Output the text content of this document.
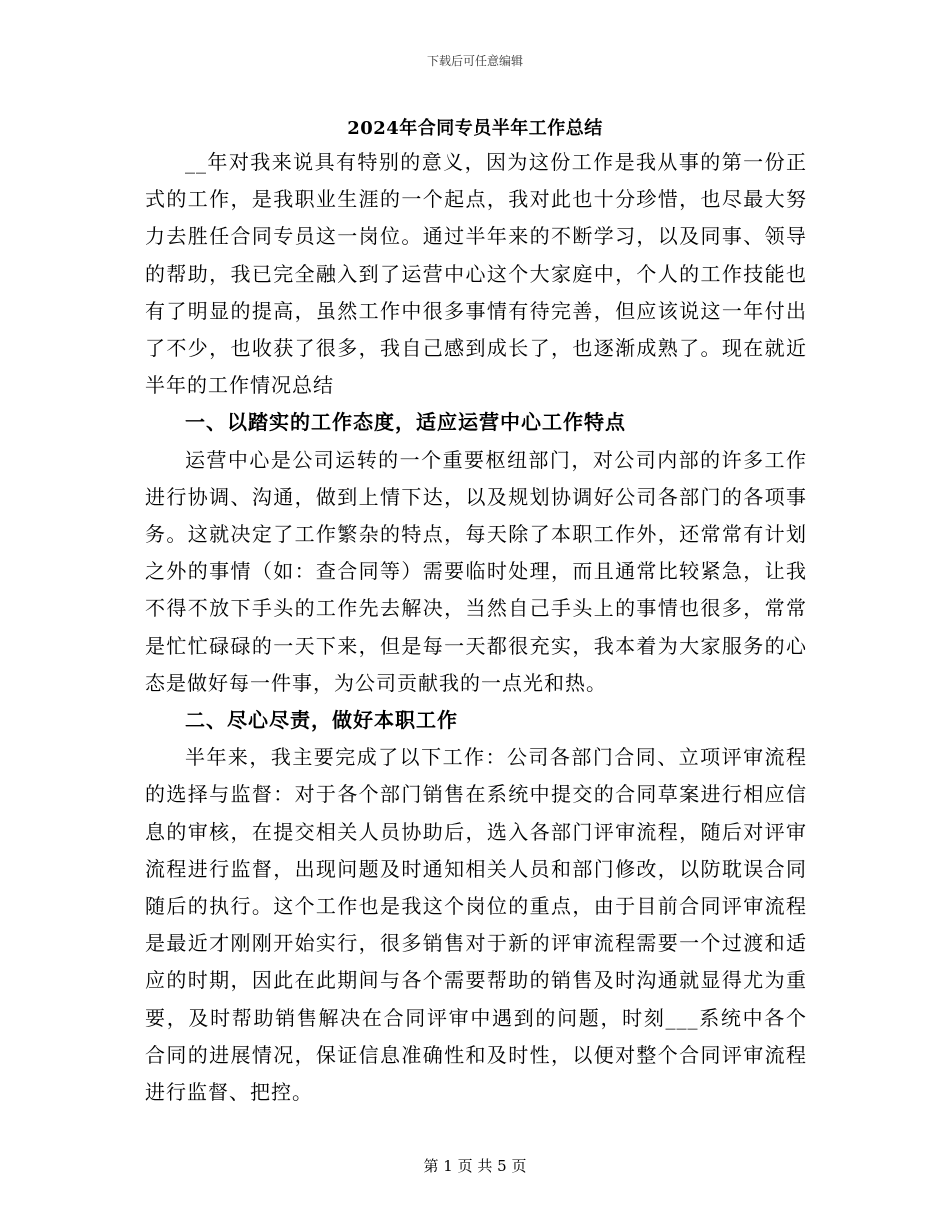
下载后可任意编辑
2024年合同专员半年工作总结

__年对我来说具有特别的意义，因为这份工作是我从事的第一份正式的工作，是我职业生涯的一个起点，我对此也十分珍惜，也尽最大努力去胜任合同专员这一岗位。通过半年来的不断学习，以及同事、领导的帮助，我已完全融入到了运营中心这个大家庭中，个人的工作技能也有了明显的提高，虽然工作中很多事情有待完善，但应该说这一年付出了不少，也收获了很多，我自己感到成长了，也逐渐成熟了。现在就近半年的工作情况总结

一、以踏实的工作态度，适应运营中心工作特点

运营中心是公司运转的一个重要枢纽部门，对公司内部的许多工作进行协调、沟通，做到上情下达，以及规划协调好公司各部门的各项事务。这就决定了工作繁杂的特点，每天除了本职工作外，还常常有计划之外的事情（如：查合同等）需要临时处理，而且通常比较紧急，让我不得不放下手头的工作先去解决，当然自己手头上的事情也很多，常常是忙忙碌碌的一天下来，但是每一天都很充实，我本着为大家服务的心态是做好每一件事，为公司贡献我的一点光和热。

二、尽心尽责，做好本职工作

半年来，我主要完成了以下工作：公司各部门合同、立项评审流程的选择与监督：对于各个部门销售在系统中提交的合同草案进行相应信息的审核，在提交相关人员协助后，选入各部门评审流程，随后对评审流程进行监督，出现问题及时通知相关人员和部门修改，以防耽误合同随后的执行。这个工作也是我这个岗位的重点，由于目前合同评审流程是最近才刚刚开始实行，很多销售对于新的评审流程需要一个过渡和适应的时期，因此在此期间与各个需要帮助的销售及时沟通就显得尤为重要，及时帮助销售解决在合同评审中遇到的问题，时刻___系统中各个合同的进展情况，保证信息准确性和及时性，以便对整个合同评审流程进行监督、把控。

第 1 页 共 5 页
